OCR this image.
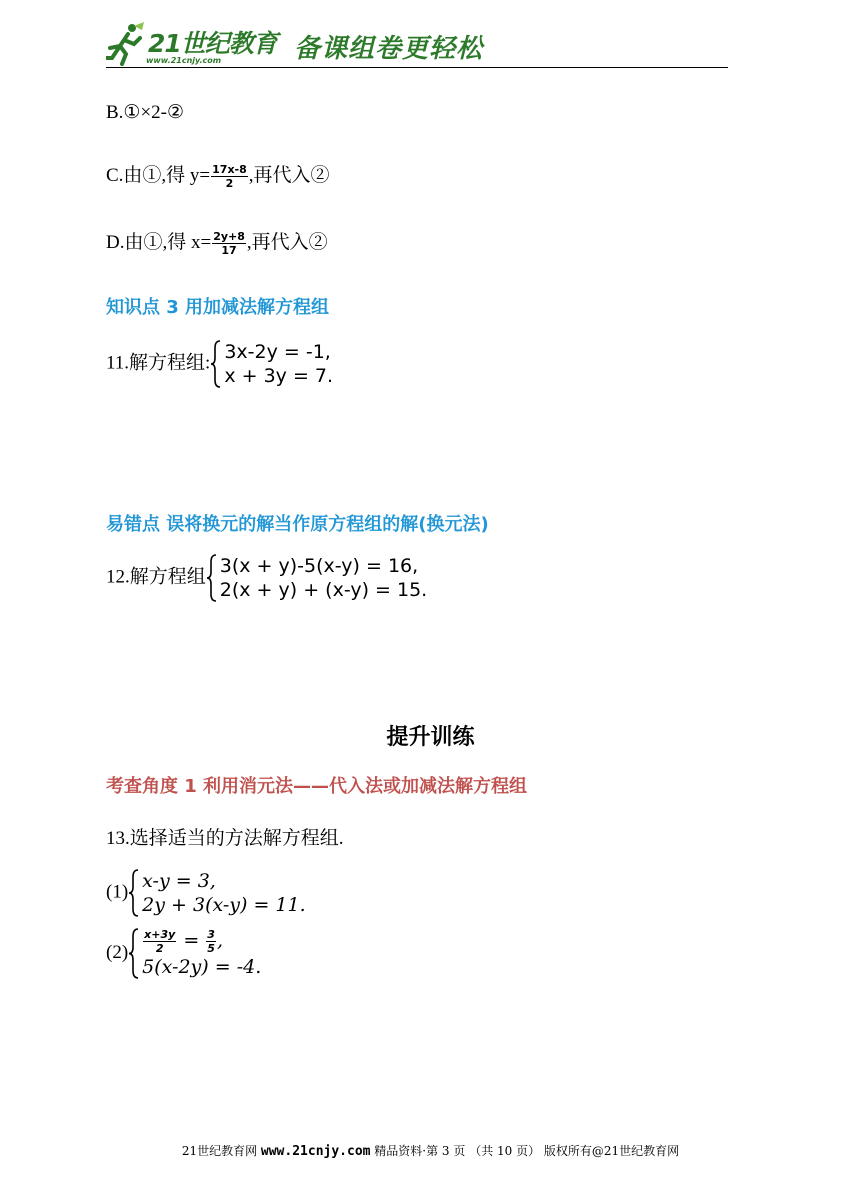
21世纪教育
www.21cnjy.com	备课组卷更轻松
B.①×2-②
C.由①,得 $y= \frac{17x-8}{2}$ ,再代入②
D.由①,得 $x= \frac{2y+8}{17}$ ,再代入②
知识点 3 用加减法解方程组
11.解方程组: 3x-2y = -1,
x + 3y = 7.
易错点 误将换元的解当作原方程组的解(换元法)
12.解方程组 3(x + y)-5(x-y) = 16,
2(x + y) + (x-y) = 15.
提升训练
考查角度 1 利用消元法——代入法或加减法解方程组
13.选择适当的方法解方程组.
(1) x-y = 3,
2y + 3(x-y) = 11.
$(2) \frac{x+3y}{2} = \frac{3}{5}$ ,
5(x-2y) = -4.
21世纪教育网 www.21cnjy.com 精品资料·第 3 页 （共 10 页） 版权所有@21世纪教育网
